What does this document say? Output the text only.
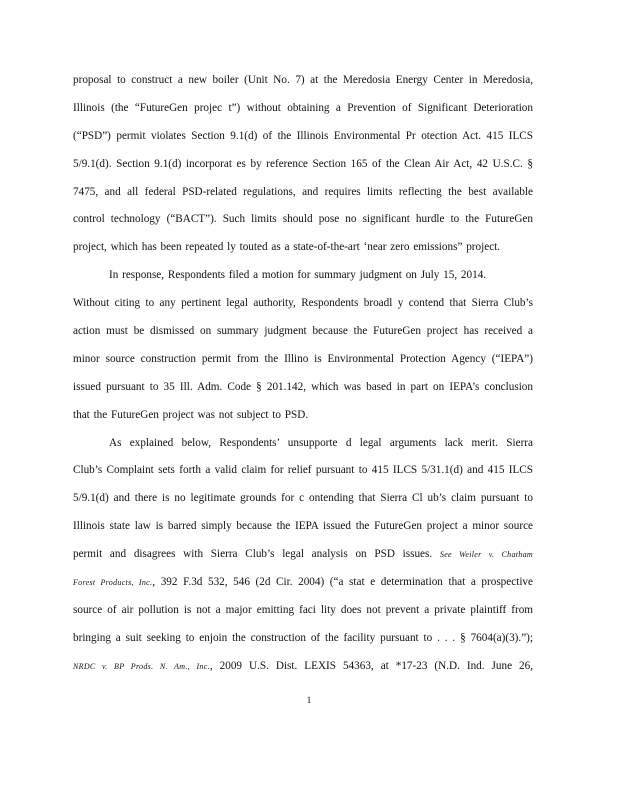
proposal to construct a new boiler (Unit No. 7) at the Meredosia Energy Center in Meredosia,
Illinois (the “FutureGen projec t”) without obtaining a Prevention of Significant Deterioration
(“PSD”) permit violates Section 9.1(d) of the Illinois Environmental Pr otection Act. 415 ILCS
5/9.1(d). Section 9.1(d) incorporat es by reference Section 165 of the Clean Air Act, 42 U.S.C. §
7475, and all federal PSD-related regulations, and requires limits reflecting the best available
control technology (“BACT”). Such limits should pose no significant hurdle to the FutureGen
project, which has been repeated ly touted as a state-of-the-art ‘near zero emissions” project.
In response, Respondents filed a motion for summary judgment on July 15, 2014.
Without citing to any pertinent legal authority, Respondents broadl y contend that Sierra Club’s
action must be dismissed on summary judgment because the FutureGen project has received a
minor source construction permit from the Illino is Environmental Protection Agency (“IEPA”)
issued pursuant to 35 Ill. Adm. Code § 201.142, which was based in part on IEPA’s conclusion
that the FutureGen project was not subject to PSD.
As explained below, Respondents’ unsupporte d legal arguments lack merit. Sierra
Club’s Complaint sets forth a valid claim for relief pursuant to 415 ILCS 5/31.1(d) and 415 ILCS
5/9.1(d) and there is no legitimate grounds for c ontending that Sierra Cl ub’s claim pursuant to
Illinois state law is barred simply because the IEPA issued the FutureGen project a minor source
permit and disagrees with Sierra Club’s legal analysis on PSD issues. See Weiler v. Chatham
Forest Products, Inc., 392 F.3d 532, 546 (2d Cir. 2004) (“a stat e determination that a prospective
source of air pollution is not a major emitting faci lity does not prevent a private plaintiff from
bringing a suit seeking to enjoin the construction of the facility pursuant to . . . § 7604(a)(3).”);
NRDC v. BP Prods. N. Am., Inc., 2009 U.S. Dist. LEXIS 54363, at *17-23 (N.D. Ind. June 26,
1
